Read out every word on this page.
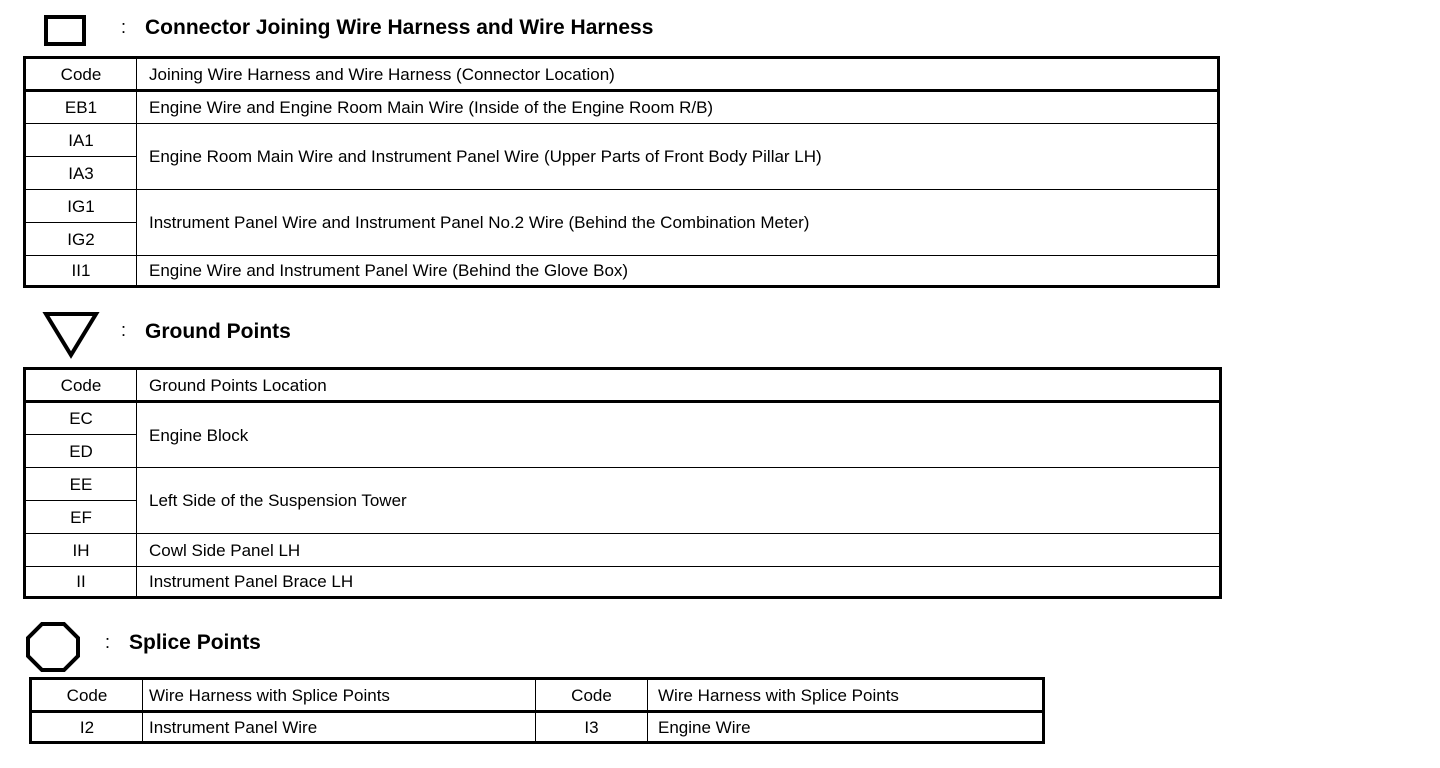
: Connector Joining Wire Harness and Wire Harness
Code	Joining Wire Harness and Wire Harness (Connector Location)
EB1	Engine Wire and Engine Room Main Wire (Inside of the Engine Room R/B)
IA1	Engine Room Main Wire and Instrument Panel Wire (Upper Parts of Front Body Pillar LH)
IA3	
IG1	Instrument Panel Wire and Instrument Panel No.2 Wire (Behind the Combination Meter)
IG2	
II1	Engine Wire and Instrument Panel Wire (Behind the Glove Box)
: Ground Points
Code	Ground Points Location
EC	Engine Block
ED	
EE	Left Side of the Suspension Tower
EF	
IH	Cowl Side Panel LH
II	Instrument Panel Brace LH
: Splice Points
Code	Wire Harness with Splice Points	Code	Wire Harness with Splice Points
I2	Instrument Panel Wire	I3	Engine Wire
